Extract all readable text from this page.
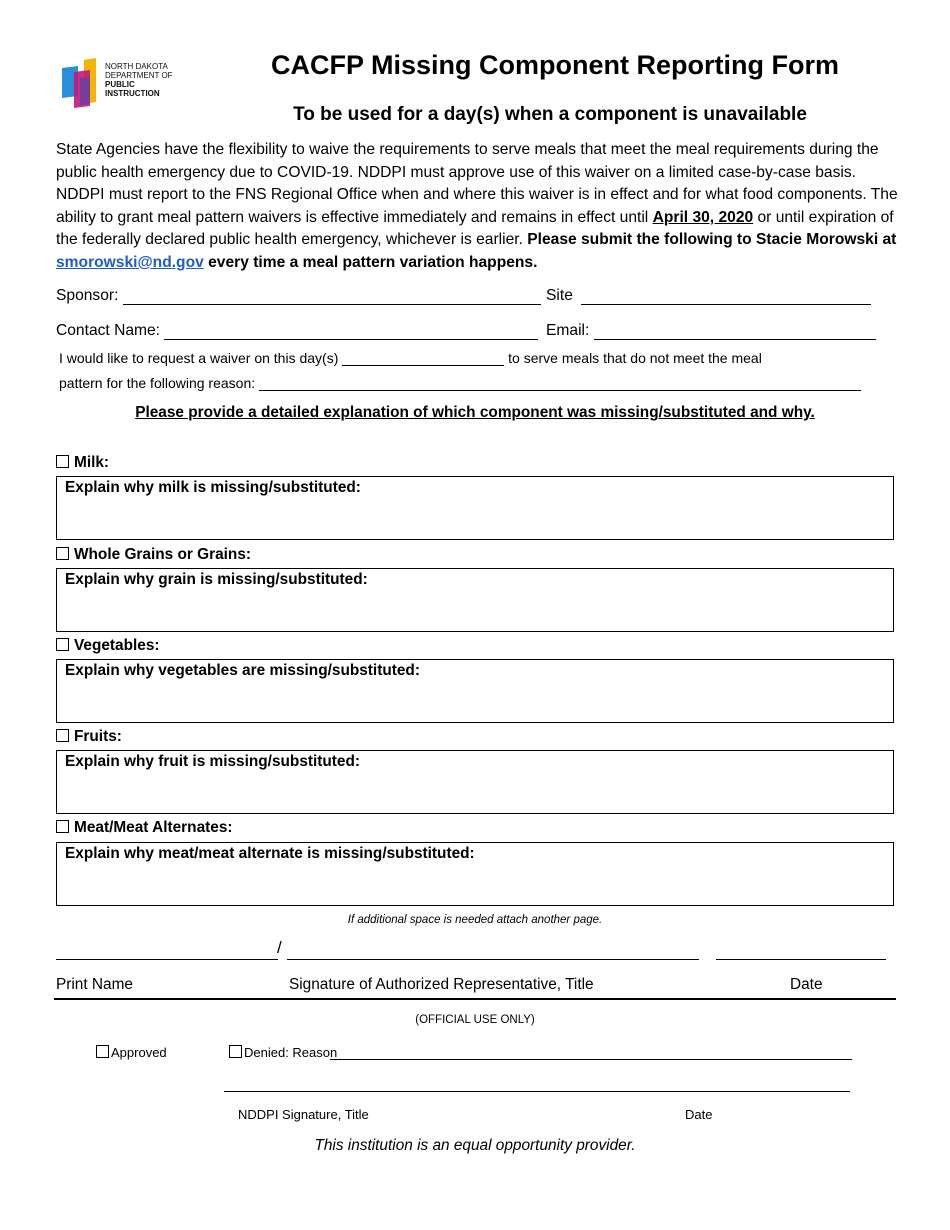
NORTH DAKOTA
DEPARTMENT OF
PUBLIC
INSTRUCTION
CACFP Missing Component Reporting Form
To be used for a day(s) when a component is unavailable
State Agencies have the flexibility to waive the requirements to serve meals that meet the meal requirements during the public health emergency due to COVID-19. NDDPI must approve use of this waiver on a limited case-by-case basis. NDDPI must report to the FNS Regional Office when and where this waiver is in effect and for what food components. The ability to grant meal pattern waivers is effective immediately and remains in effect until April 30, 2020 or until expiration of the federally declared public health emergency, whichever is earlier. Please submit the following to Stacie Morowski at smorowski@nd.gov every time a meal pattern variation happens.
Sponsor:	Site
Contact Name:	Email:
I would like to request a waiver on this day(s)	to serve meals that do not meet the meal
pattern for the following reason:
Please provide a detailed explanation of which component was missing/substituted and why.
Milk:
Explain why milk is missing/substituted:
Whole Grains or Grains:
Explain why grain is missing/substituted:
Vegetables:
Explain why vegetables are missing/substituted:
Fruits:
Explain why fruit is missing/substituted:
Meat/Meat Alternates:
Explain why meat/meat alternate is missing/substituted:
If additional space is needed attach another page.
/
Print Name	Signature of Authorized Representative, Title	Date
(OFFICIAL USE ONLY)
Approved	Denied: Reason
NDDPI Signature, Title	Date
This institution is an equal opportunity provider.
